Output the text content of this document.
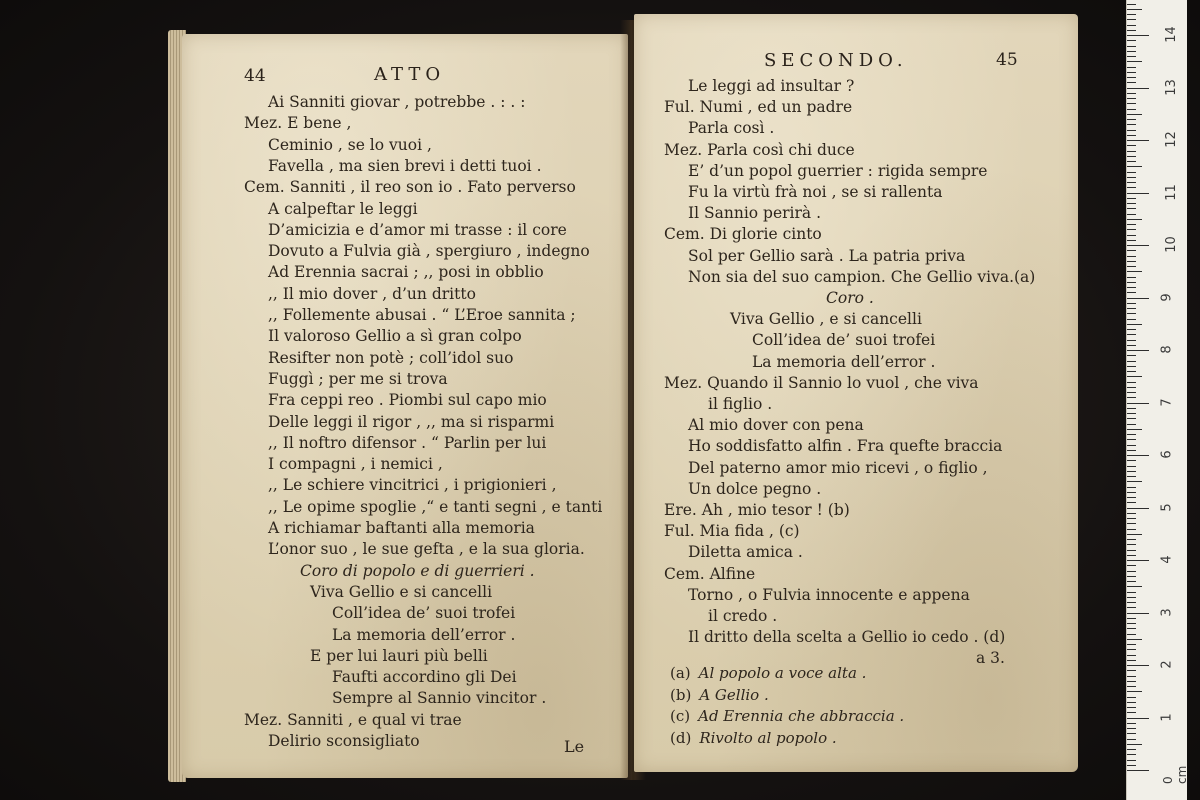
44	ATTO
Ai Sanniti giovar , potrebbe . : . :
Mez. E bene ,
Ceminio , se lo vuoi ,
Favella , ma sien brevi i detti tuoi .
Cem. Sanniti , il reo son io . Fato perverso
A calpeftar le leggi
D’amicizia e d’amor mi trasse : il core
Dovuto a Fulvia già , spergiuro , indegno
Ad Erennia sacrai ; ,, posi in obblio
,, Il mio dover , d’un dritto
,, Follemente abusai . “ L’Eroe sannita ;
Il valoroso Gellio a sì gran colpo
Resifter non potè ; coll’idol suo
Fuggì ; per me si trova
Fra ceppi reo . Piombi sul capo mio
Delle leggi il rigor , ,, ma si risparmi
,, Il noftro difensor . “ Parlin per lui
I compagni , i nemici ,
,, Le schiere vincitrici , i prigionieri ,
,, Le opime spoglie ,“ e tanti segni , e tanti
A richiamar baftanti alla memoria
L’onor suo , le sue gefta , e la sua gloria.
Coro di popolo e di guerrieri .
Viva Gellio e si cancelli
Coll’idea de’ suoi trofei
La memoria dell’error .
E per lui lauri più belli
Faufti accordino gli Dei
Sempre al Sannio vincitor .
Mez. Sanniti , e qual vi trae
Delirio sconsigliato	Le
SECONDO.	45
Le leggi ad insultar ?
Ful. Numi , ed un padre
Parla così .
Mez. Parla così chi duce
E’ d’un popol guerrier : rigida sempre
Fu la virtù frà noi , se si rallenta
Il Sannio perirà .
Cem. Di glorie cinto
Sol per Gellio sarà . La patria priva
Non sia del suo campion. Che Gellio viva.(a)
Coro .
Viva Gellio , e si cancelli
Coll’idea de’ suoi trofei
La memoria dell’error .
Mez. Quando il Sannio lo vuol , che viva
il figlio .
Al mio dover con pena
Ho soddisfatto alfin . Fra quefte braccia
Del paterno amor mio ricevi , o figlio ,
Un dolce pegno .
Ere. Ah , mio tesor ! (b)
Ful. Mia fida , (c)
Diletta amica .
Cem. Alfine
Torno , o Fulvia innocente e appena
il credo .
Il dritto della scelta a Gellio io cedo . (d)
a 3.
(a) Al popolo a voce alta .
(b) A Gellio .
(c) Ad Erennia che abbraccia .
(d) Rivolto al popolo .
14
13
12
11
10
9
8
7
6
5
4
3
2
1
0 cm
